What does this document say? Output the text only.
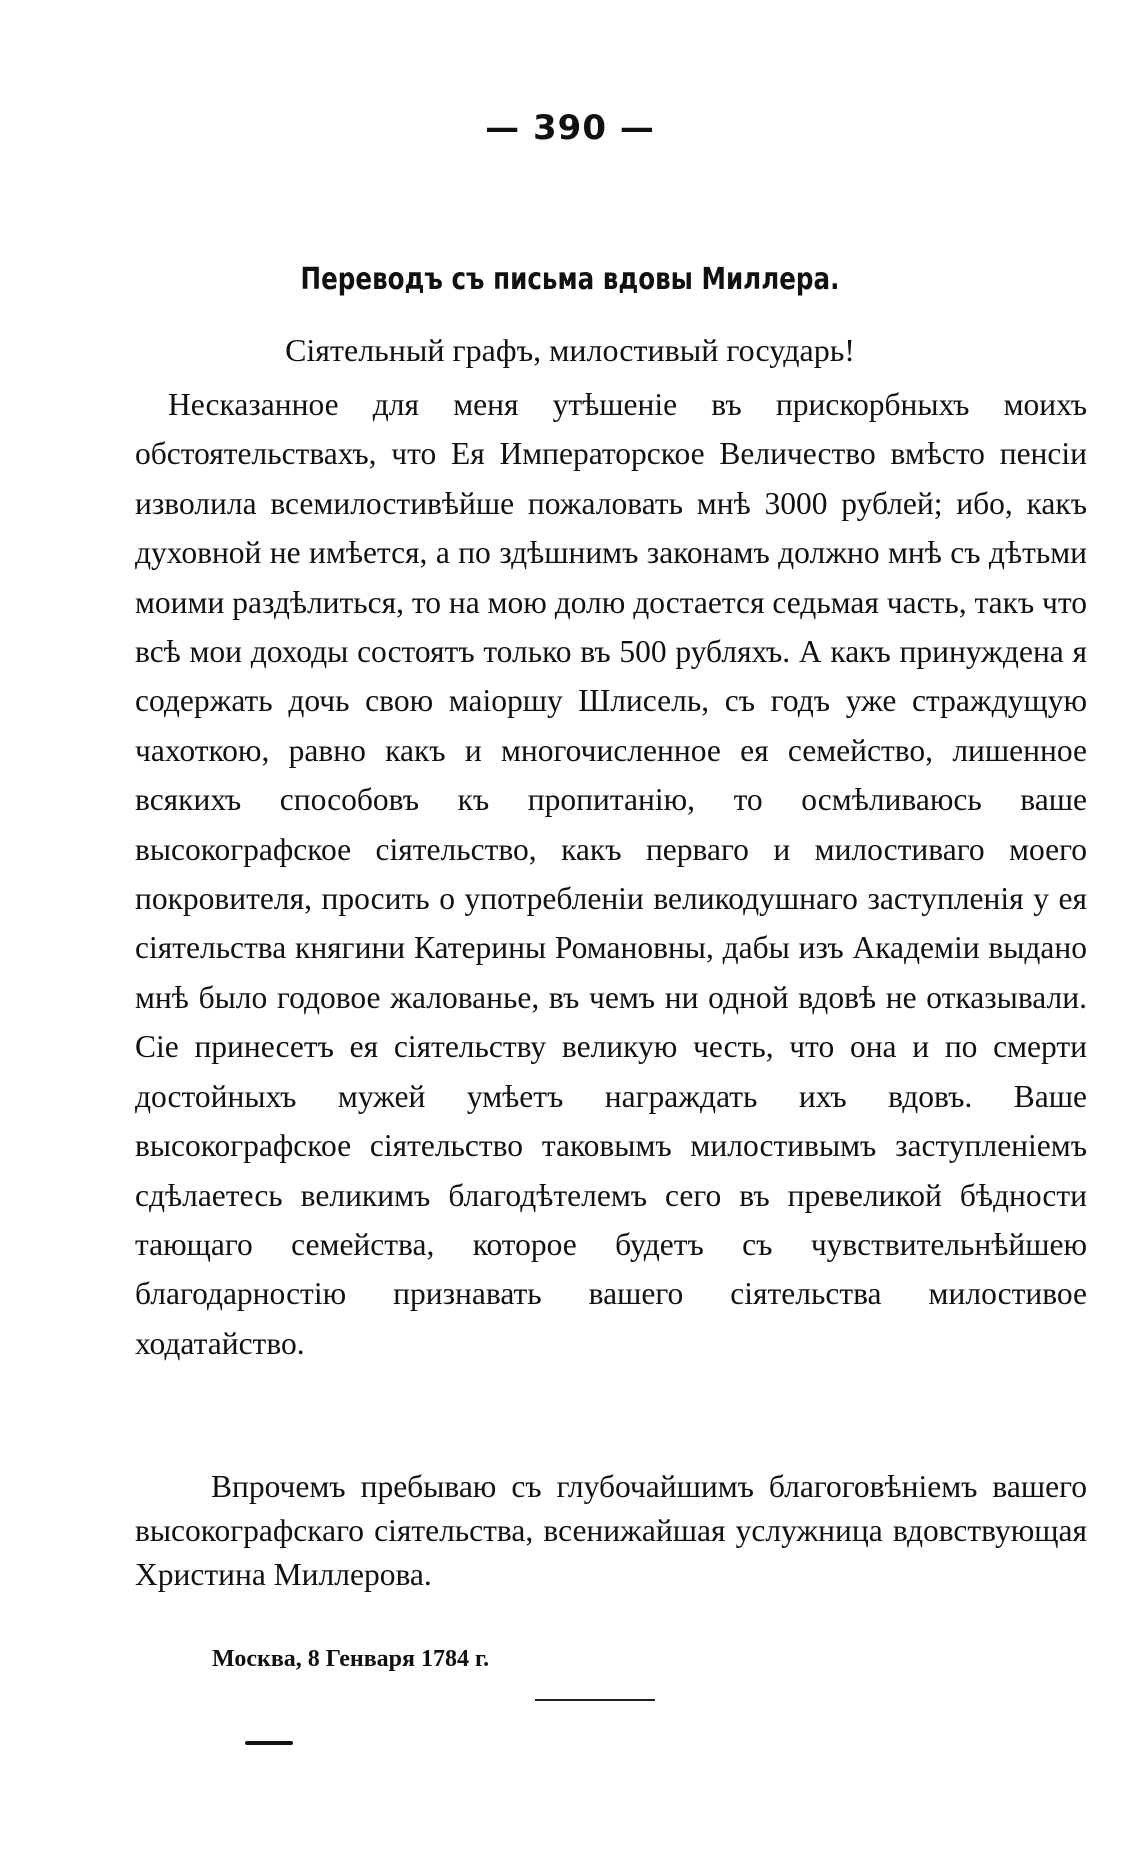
— 390 —
Переводъ съ письма вдовы Миллера.
Сіятельный графъ, милостивый государь!

Несказанное для меня утѣшеніе въ прискорбныхъ моихъ обстоятельствахъ, что Ея Императорское Величество вмѣсто пенсіи изволила всемилостивѣйше пожаловать мнѣ 3000 рублей; ибо, какъ духовной не имѣется, а по здѣшнимъ законамъ должно мнѣ съ дѣтьми моими раздѣлиться, то на мою долю достается седьмая часть, такъ что всѣ мои доходы состоятъ только въ 500 рубляхъ. А какъ принуждена я содержать дочь свою маіоршу Шлисель, съ годъ уже страждущую чахоткою, равно какъ и многочисленное ея семейство, лишенное всякихъ способовъ къ пропитанію, то осмѣливаюсь ваше высокографское сіятельство, какъ перваго и милостиваго моего покровителя, просить о употребленіи великодушнаго заступленія у ея сіятельства княгини Катерины Романовны, дабы изъ Академіи выдано мнѣ было годовое жалованье, въ чемъ ни одной вдовѣ не отказывали. Сіе принесетъ ея сіятельству великую честь, что она и по смерти достойныхъ мужей умѣетъ награждать ихъ вдовъ. Ваше высокографское сіятельство таковымъ милостивымъ заступленіемъ сдѣлаетесь великимъ благодѣтелемъ сего въ превеликой бѣдности тающаго семейства, которое будетъ съ чувствительнѣйшею благодарностію признавать вашего сіятельства милостивое ходатайство.

Впрочемъ пребываю съ глубочайшимъ благоговѣніемъ вашего высокографскаго сіятельства, всенижайшая услужница вдовствующая Христина Миллерова.

Москва, 8 Генваря 1784 г.
